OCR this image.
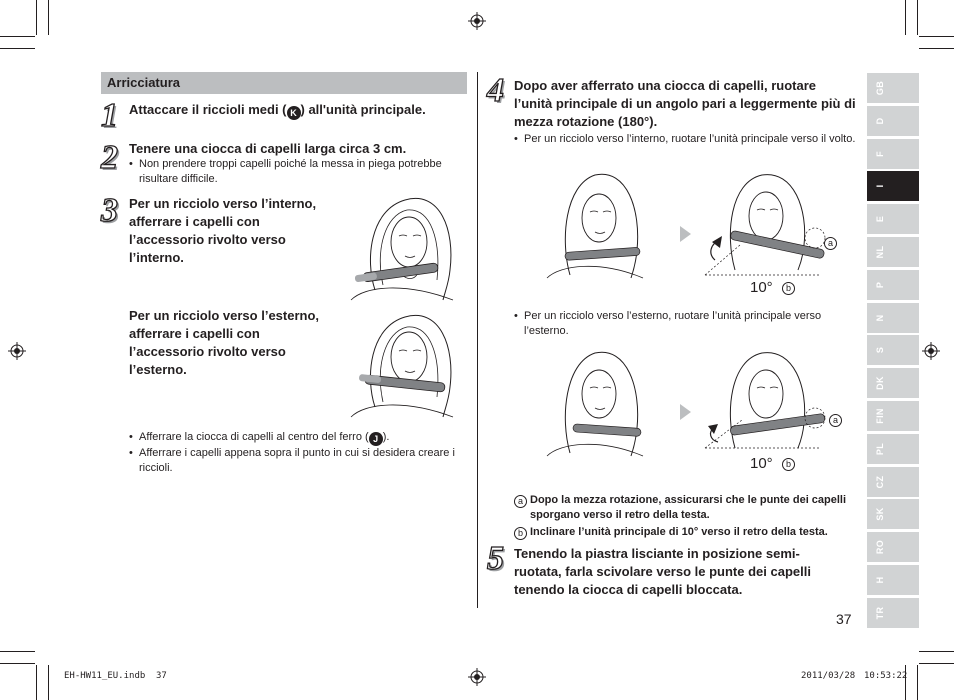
Arricciatura
1 Attaccare il riccioli medi ( K ) all'unità principale.
2 Tenere una ciocca di capelli larga circa 3 cm.
• Non prendere troppi capelli poiché la messa in piega potrebbe risultare difficile.
3 Per un ricciolo verso l’interno, afferrare i capelli con l’accessorio rivolto verso l’interno.
Per un ricciolo verso l’esterno, afferrare i capelli con l’accessorio rivolto verso l’esterno.
• Afferrare la ciocca di capelli al centro del ferro ( J ).
• Afferrare i capelli appena sopra il punto in cui si desidera creare i riccioli.
4 Dopo aver afferrato una ciocca di capelli, ruotare l’unità principale di un angolo pari a leggermente più di mezza rotazione (180°).
• Per un ricciolo verso l’interno, ruotare l’unità principale verso il volto.
10°	b
a
• Per un ricciolo verso l’esterno, ruotare l’unità principale verso l’esterno.
10°	b
a
a Dopo la mezza rotazione, assicurarsi che le punte dei capelli sporgano verso il retro della testa.
b Inclinare l’unità principale di 10° verso il retro della testa.
5 Tenendo la piastra lisciante in posizione semi-ruotata, farla scivolare verso le punte dei capelli tenendo la ciocca di capelli bloccata.
GB
D
F
I
E
NL
P
N
S
DK
FIN
PL
CZ
SK
RO
H
TR
37
EH-HW11_EU.indb 37	2011/03/28 10:53:22
